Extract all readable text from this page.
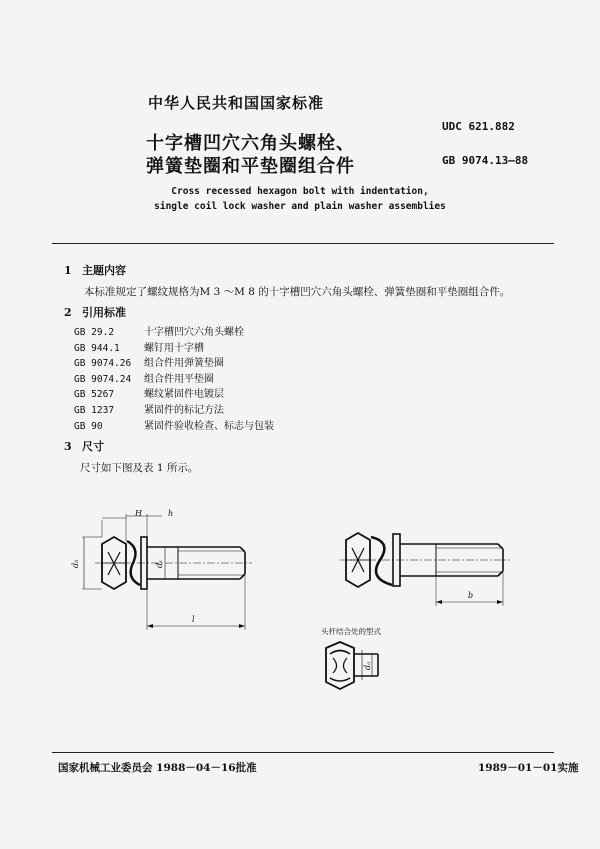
中华人民共和国国家标准
十字槽凹穴六角头螺栓、
弹簧垫圈和平垫圈组合件
UDC 621.882
GB 9074.13—88
Cross recessed hexagon bolt with indentation,
single coil lock washer and plain washer assemblies
1 主题内容
本标准规定了螺纹规格为M 3 ～M 8 的十字槽凹穴六角头螺栓、弹簧垫圈和平垫圈组合件。
2 引用标准
GB 29.2	十字槽凹穴六角头螺栓
GB 944.1 螺钉用十字槽
GB 9074.26 组合件用弹簧垫圈
GB 9074.24 组合件用平垫圈
GB 5267	螺纹紧固件电镀层
GB 1237	紧固件的标记方法
GB 90	紧固件验收检查、标志与包装
3 尺寸
尺寸如下图及表 1 所示。
H	h
dₕ	dₛ
l
b
dₐ
头杆结合处的型式
国家机械工业委员会 1988－04－16批准	1989－01－01实施
